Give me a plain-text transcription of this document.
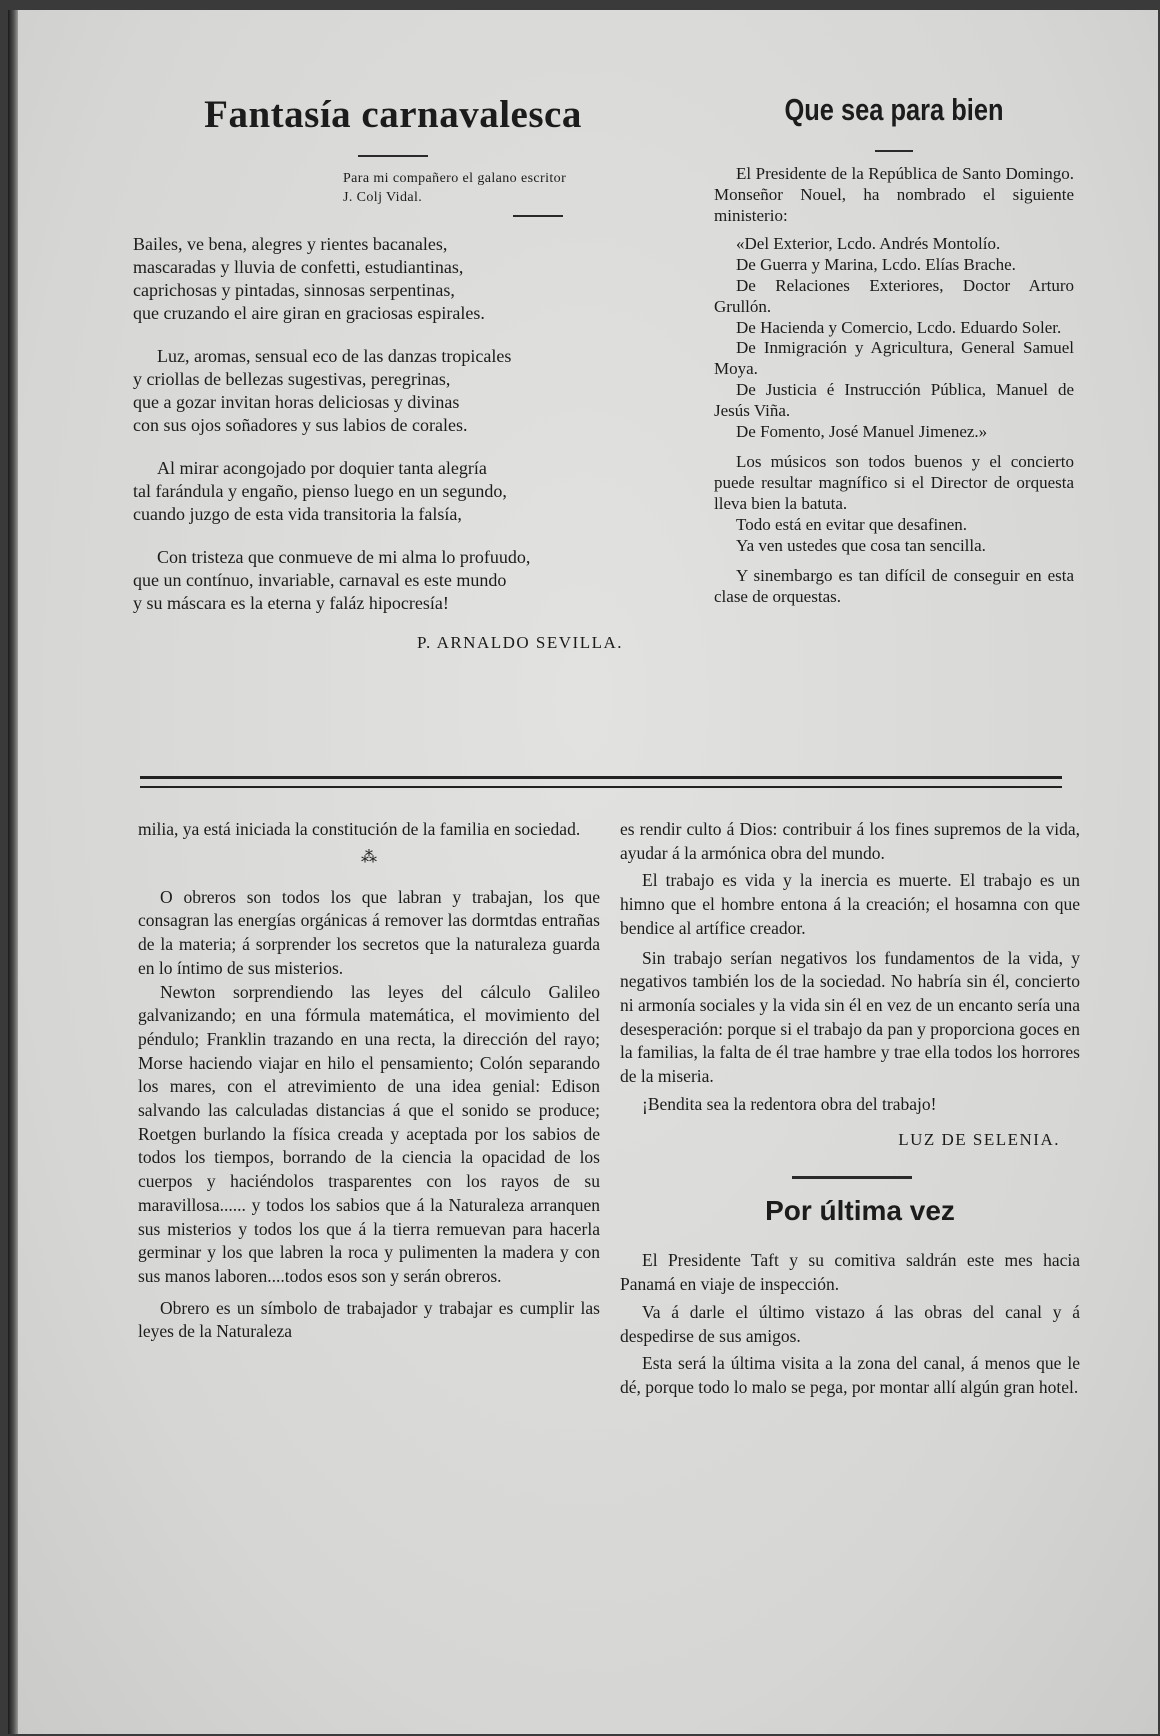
Fantasía carnavalesca
Para mi compañero el galano escritor
J. Colj Vidal.
Bailes, ve bena, alegres y rientes bacanales,
mascaradas y lluvia de confetti, estudiantinas,
caprichosas y pintadas, sinnosas serpentinas,
que cruzando el aire giran en graciosas espirales.
Luz, aromas, sensual eco de las danzas tropicales
y criollas de bellezas sugestivas, peregrinas,
que a gozar invitan horas deliciosas y divinas
con sus ojos soñadores y sus labios de corales.
Al mirar acongojado por doquier tanta alegría
tal farándula y engaño, pienso luego en un segundo,
cuando juzgo de esta vida transitoria la falsía,
Con tristeza que conmueve de mi alma lo profuudo,
que un contínuo, invariable, carnaval es este mundo
y su máscara es la eterna y faláz hipocresía!
P. ARNALDO SEVILLA.
Que sea para bien

El Presidente de la República de Santo Domingo. Monseñor Nouel, ha nombrado el siguiente ministerio:

«Del Exterior, Lcdo. Andrés Montolío.

De Guerra y Marina, Lcdo. Elías Brache.

De Relaciones Exteriores, Doctor Arturo Grullón.

De Hacienda y Comercio, Lcdo. Eduardo Soler.

De Inmigración y Agricultura, General Samuel Moya.

De Justicia é Instrucción Pública, Manuel de Jesús Viña.

De Fomento, José Manuel Jimenez.»

Los músicos son todos buenos y el concierto puede resultar magnífico si el Director de orquesta lleva bien la batuta.

Todo está en evitar que desafinen.

Ya ven ustedes que cosa tan sencilla.

Y sinembargo es tan difícil de conseguir en esta clase de orquestas.

milia, ya está iniciada la constitución de la familia en sociedad.

⁂

O obreros son todos los que labran y trabajan, los que consagran las energías orgánicas á remover las dormtdas entrañas de la materia; á sorprender los secretos que la naturaleza guarda en lo íntimo de sus misterios.

Newton sorprendiendo las leyes del cálculo Galileo galvanizando; en una fórmula matemática, el movimiento del péndulo; Franklin trazando en una recta, la dirección del rayo; Morse haciendo viajar en hilo el pensamiento; Colón separando los mares, con el atrevimiento de una idea genial: Edison salvando las calculadas distancias á que el sonido se produce; Roetgen burlando la física creada y aceptada por los sabios de todos los tiempos, borrando de la ciencia la opacidad de los cuerpos y haciéndolos trasparentes con los rayos de su maravillosa...... y todos los sabios que á la Naturaleza arranquen sus misterios y todos los que á la tierra remuevan para hacerla germinar y los que labren la roca y pulimenten la madera y con sus manos laboren....todos esos son y serán obreros.

Obrero es un símbolo de trabajador y trabajar es cumplir las leyes de la Naturaleza

es rendir culto á Dios: contribuir á los fines supremos de la vida, ayudar á la armónica obra del mundo.

El trabajo es vida y la inercia es muerte. El trabajo es un himno que el hombre entona á la creación; el hosamna con que bendice al artífice creador.

Sin trabajo serían negativos los fundamentos de la vida, y negativos también los de la sociedad. No habría sin él, concierto ni armonía sociales y la vida sin él en vez de un encanto sería una desesperación: porque si el trabajo da pan y proporciona goces en la familias, la falta de él trae hambre y trae ella todos los horrores de la miseria.

¡Bendita sea la redentora obra del trabajo!

LUZ DE SELENIA.
Por última vez

El Presidente Taft y su comitiva saldrán este mes hacia Panamá en viaje de inspección.

Va á darle el último vistazo á las obras del canal y á despedirse de sus amigos.

Esta será la última visita a la zona del canal, á menos que le dé, porque todo lo malo se pega, por montar allí algún gran hotel.
